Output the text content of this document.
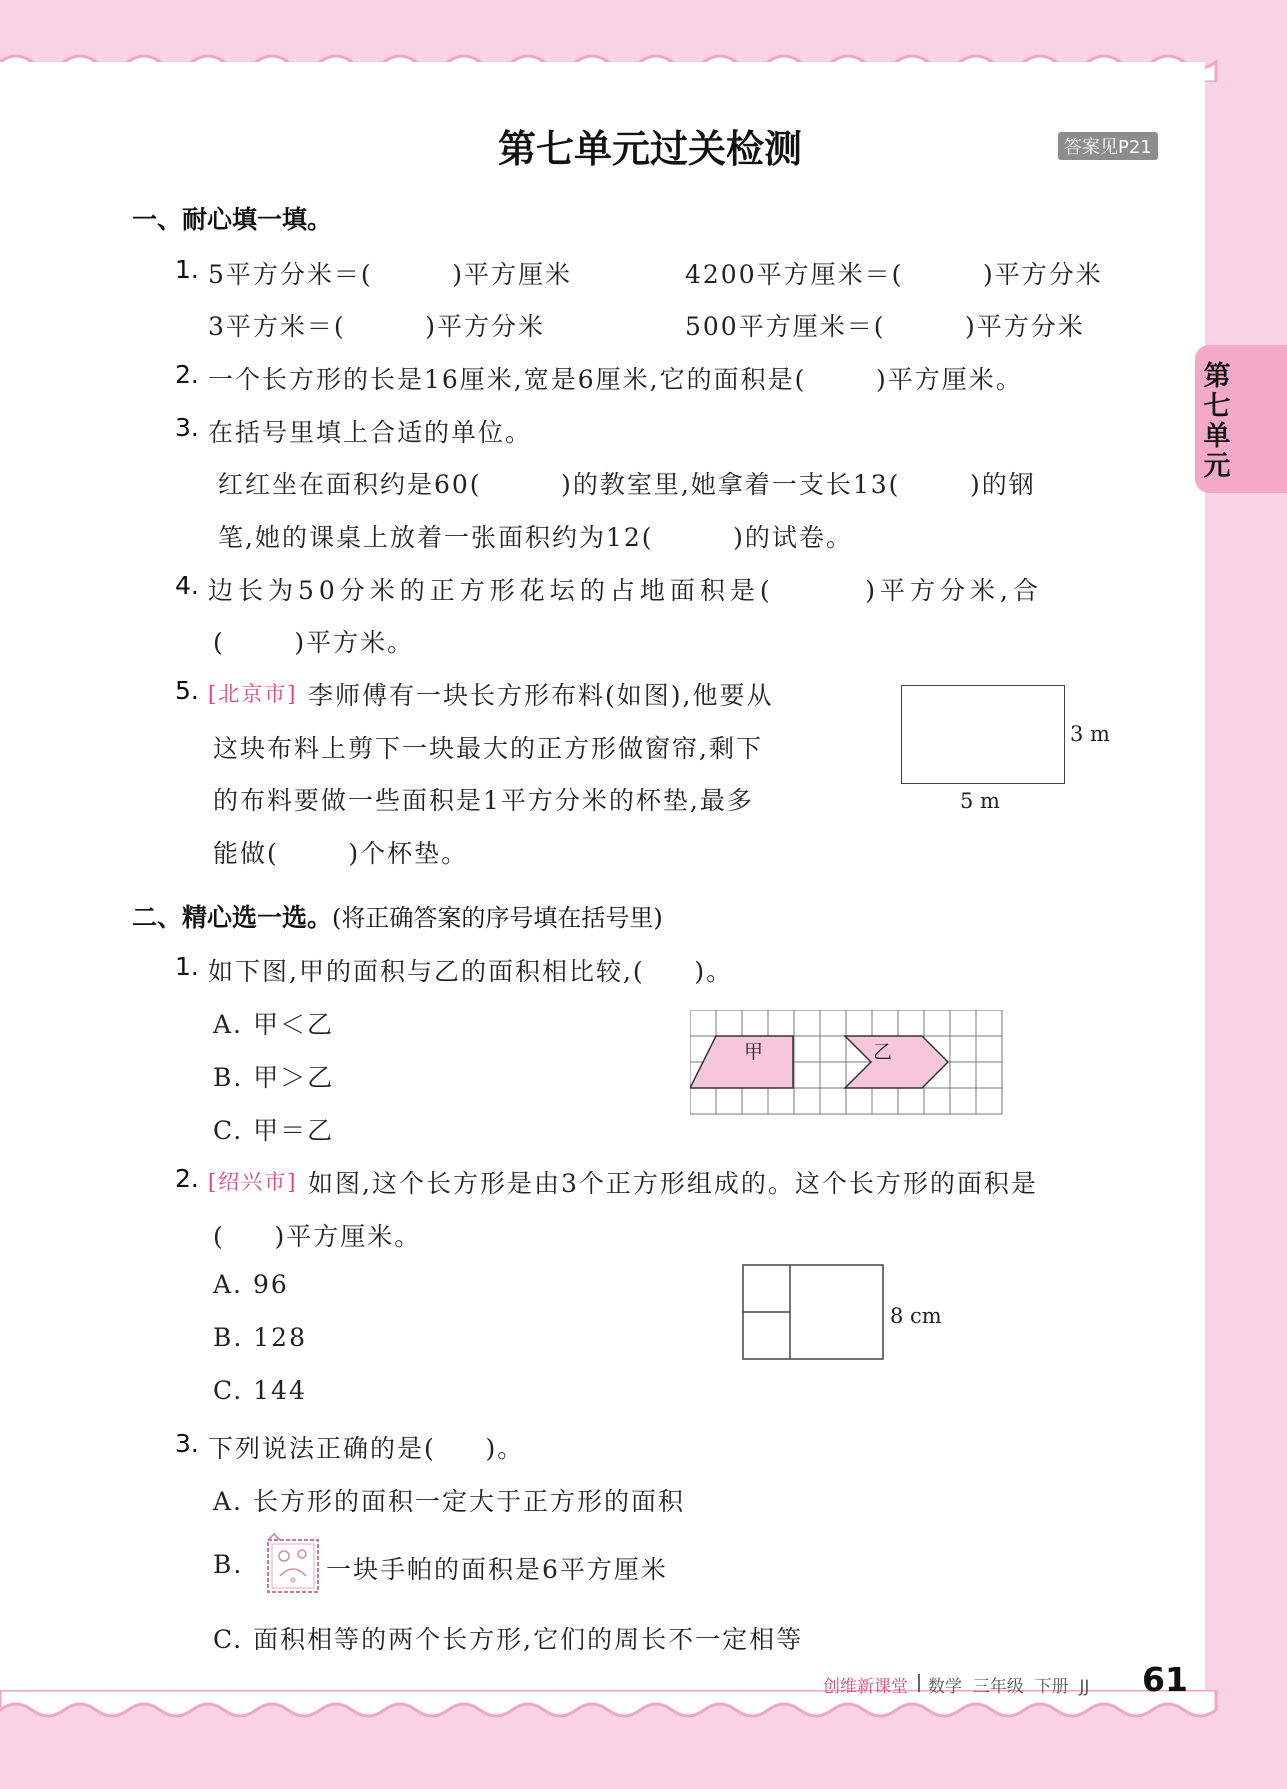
第七单元
第七单元过关检测	答案见P21
一、耐心填一填。
1. 5平方分米＝(        )平方厘米	4200平方厘米＝(        )平方分米
3平方米＝(        )平方分米	500平方厘米＝(        )平方分米
2. 一个长方形的长是16厘米,宽是6厘米,它的面积是(       )平方厘米。
3. 在括号里填上合适的单位。
红红坐在面积约是60(        )的教室里,她拿着一支长13(       )的钢
笔,她的课桌上放着一张面积约为12(        )的试卷。
4. 边长为50分米的正方形花坛的占地面积是(       )平方分米,合
(       )平方米。
5. [北京市] 李师傅有一块长方形布料(如图),他要从
这块布料上剪下一块最大的正方形做窗帘,剩下
的布料要做一些面积是1平方分米的杯垫,最多
能做(       )个杯垫。
3 m
5 m
二、精心选一选。(将正确答案的序号填在括号里)
1. 如下图,甲的面积与乙的面积相比较,(     )。
A. 甲＜乙
B. 甲＞乙
C. 甲＝乙
甲	乙
2. [绍兴市] 如图,这个长方形是由3个正方形组成的。这个长方形的面积是
(     )平方厘米。
A. 96
B. 128
C. 144
8 cm
3. 下列说法正确的是(     )。
A. 长方形的面积一定大于正方形的面积
B.	一块手帕的面积是6平方厘米
C. 面积相等的两个长方形,它们的周长不一定相等
创维新课堂 数学  三年级  下册  JJ 61
